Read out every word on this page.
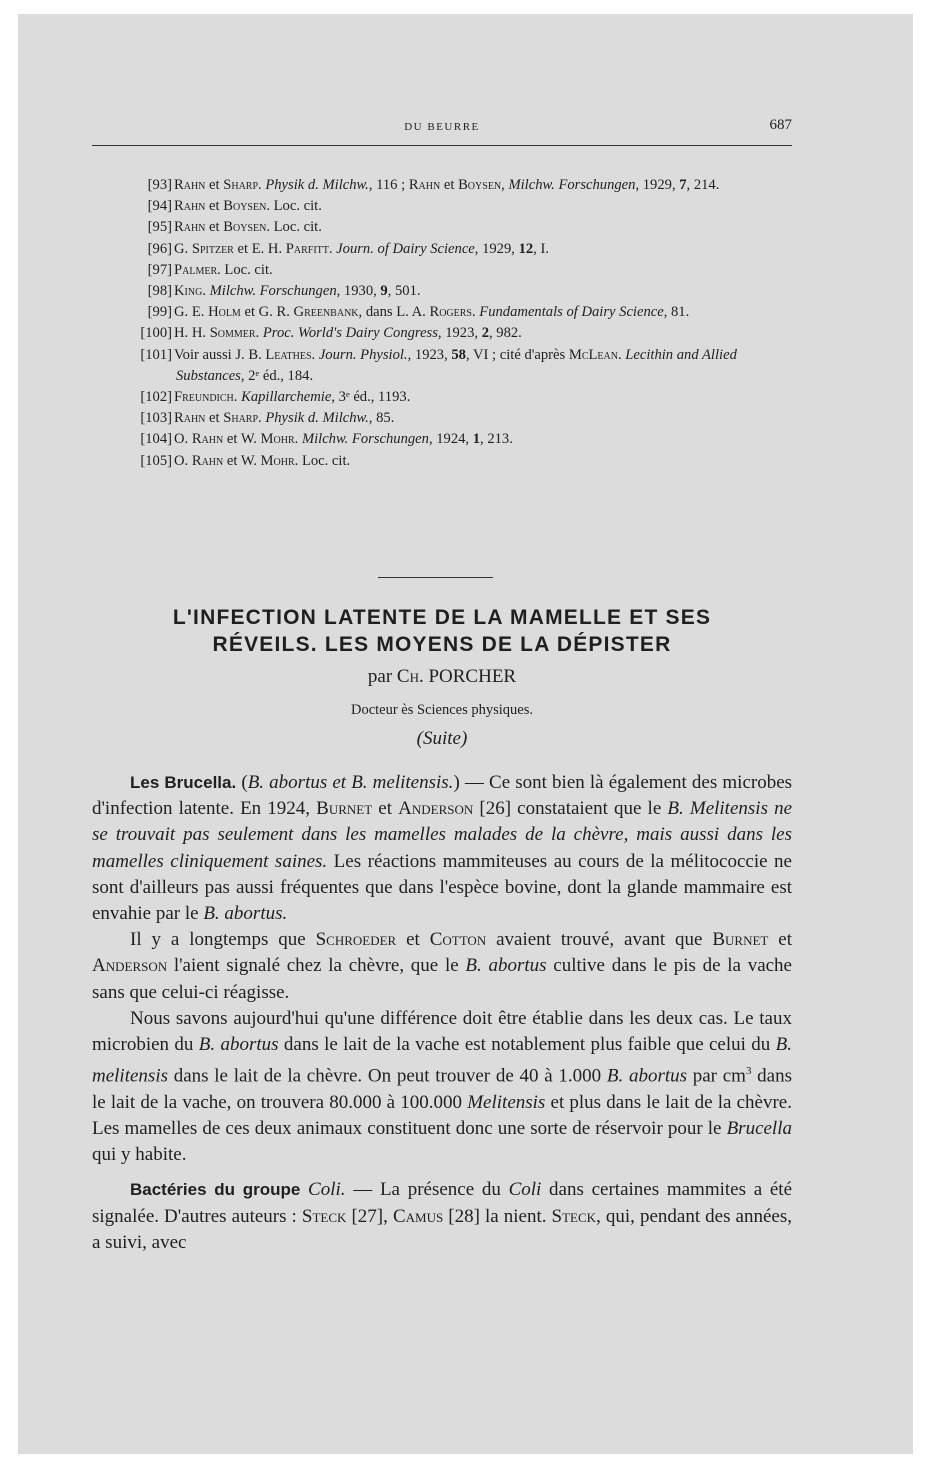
DU BEURRE	687
[93] Rahn et Sharp. Physik d. Milchw., 116 ; Rahn et Boysen, Milchw. Forschungen, 1929, 7, 214.
[94] Rahn et Boysen. Loc. cit.
[95] Rahn et Boysen. Loc. cit.
[96] G. Spitzer et E. H. Parfitt. Journ. of Dairy Science, 1929, 12, I.
[97] Palmer. Loc. cit.
[98] King. Milchw. Forschungen, 1930, 9, 501.
[99] G. E. Holm et G. R. Greenbank, dans L. A. Rogers. Fundamentals of Dairy Science, 81.
[100] H. H. Sommer. Proc. World's Dairy Congress, 1923, 2, 982.
[101] Voir aussi J. B. Leathes. Journ. Physiol., 1923, 58, VI ; cité d'après McLean. Lecithin and Allied Substances, 2ᵉ éd., 184.
[102] Freundich. Kapillarchemie, 3ᵉ éd., 1193.
[103] Rahn et Sharp. Physik d. Milchw., 85.
[104] O. Rahn et W. Mohr. Milchw. Forschungen, 1924, 1, 213.
[105] O. Rahn et W. Mohr. Loc. cit.
L'INFECTION LATENTE DE LA MAMELLE ET SES
RÉVEILS. LES MOYENS DE LA DÉPISTER
par Ch. PORCHER
Docteur ès Sciences physiques.
(Suite)

Les Brucella. (B. abortus et B. melitensis.) — Ce sont bien là également des microbes d'infection latente. En 1924, Burnet et Anderson [26] constataient que le B. Melitensis ne se trouvait pas seulement dans les mamelles malades de la chèvre, mais aussi dans les mamelles cliniquement saines. Les réactions mammiteuses au cours de la mélitococcie ne sont d'ailleurs pas aussi fréquentes que dans l'espèce bovine, dont la glande mammaire est envahie par le B. abortus.

Il y a longtemps que Schroeder et Cotton avaient trouvé, avant que Burnet et Anderson l'aient signalé chez la chèvre, que le B. abortus cultive dans le pis de la vache sans que celui-ci réagisse.

Nous savons aujourd'hui qu'une différence doit être établie dans les deux cas. Le taux microbien du B. abortus dans le lait de la vache est notablement plus faible que celui du B. melitensis dans le lait de la chèvre. On peut trouver de 40 à 1.000 B. abortus par $cm^3$ dans le lait de la vache, on trouvera 80.000 à 100.000 Melitensis et plus dans le lait de la chèvre. Les mamelles de ces deux animaux constituent donc une sorte de réservoir pour le Brucella qui y habite.

Bactéries du groupe Coli. — La présence du Coli dans certaines mammites a été signalée. D'autres auteurs : Steck [27], Camus [28] la nient. Steck, qui, pendant des années, a suivi, avec
